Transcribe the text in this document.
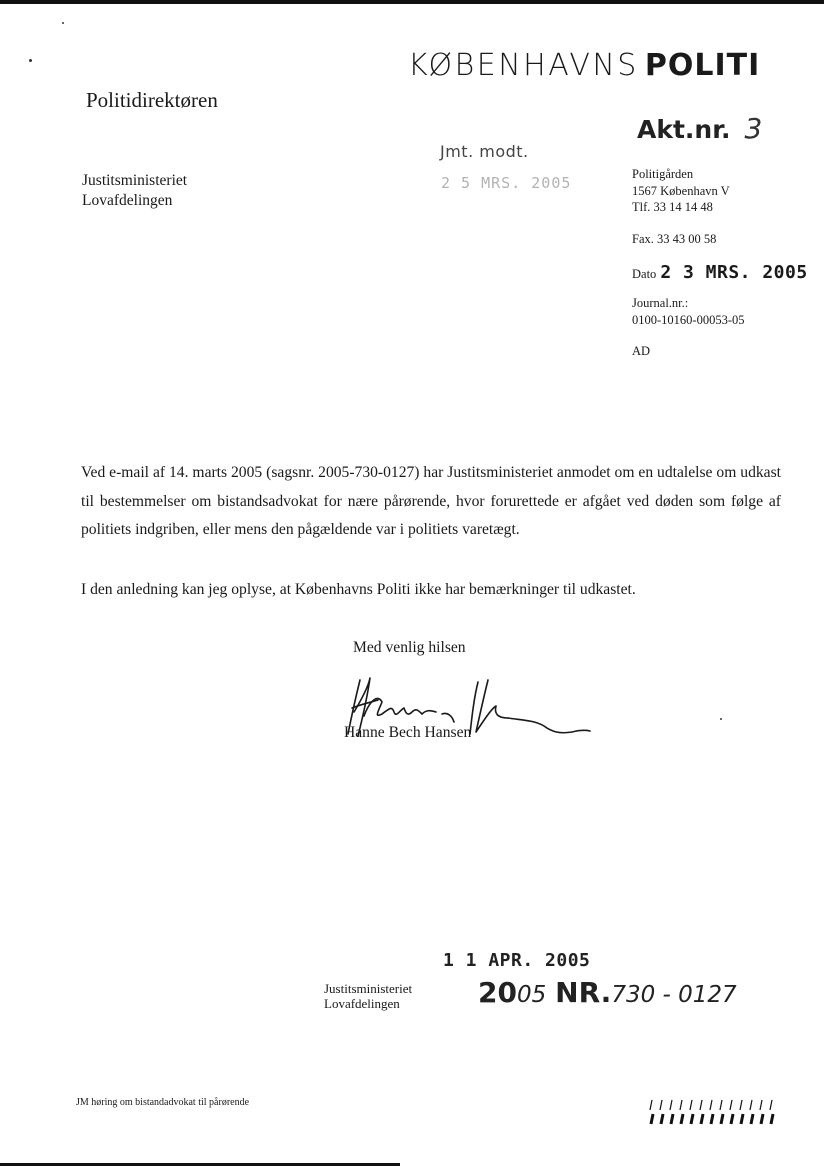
KØBENHAVNS POLITI
Politidirektøren
Akt.nr. 3
Jmt. modt.
2 5 MRS. 2005
Justitsministeriet
Lovafdelingen
Politigården
1567 København V
Tlf. 33 14 14 48
Fax. 33 43 00 58
Dato 2 3 MRS. 2005
Journal.nr.:
0100-10160-00053-05
AD
Ved e-mail af 14. marts 2005 (sagsnr. 2005-730-0127) har Justitsministeriet anmodet om en udtalelse om udkast til bestemmelser om bistandsadvokat for nære pårørende, hvor forurettede er afgået ved døden som følge af politiets indgriben, eller mens den pågældende var i politiets varetægt.
I den anledning kan jeg oplyse, at Københavns Politi ikke har bemærkninger til udkastet.
Med venlig hilsen
Hanne Bech Hansen
1 1 APR. 2005
Justitsministeriet
Lovafdelingen	2005 NR.730 - 0127
JM høring om bistandadvokat til pårørende
